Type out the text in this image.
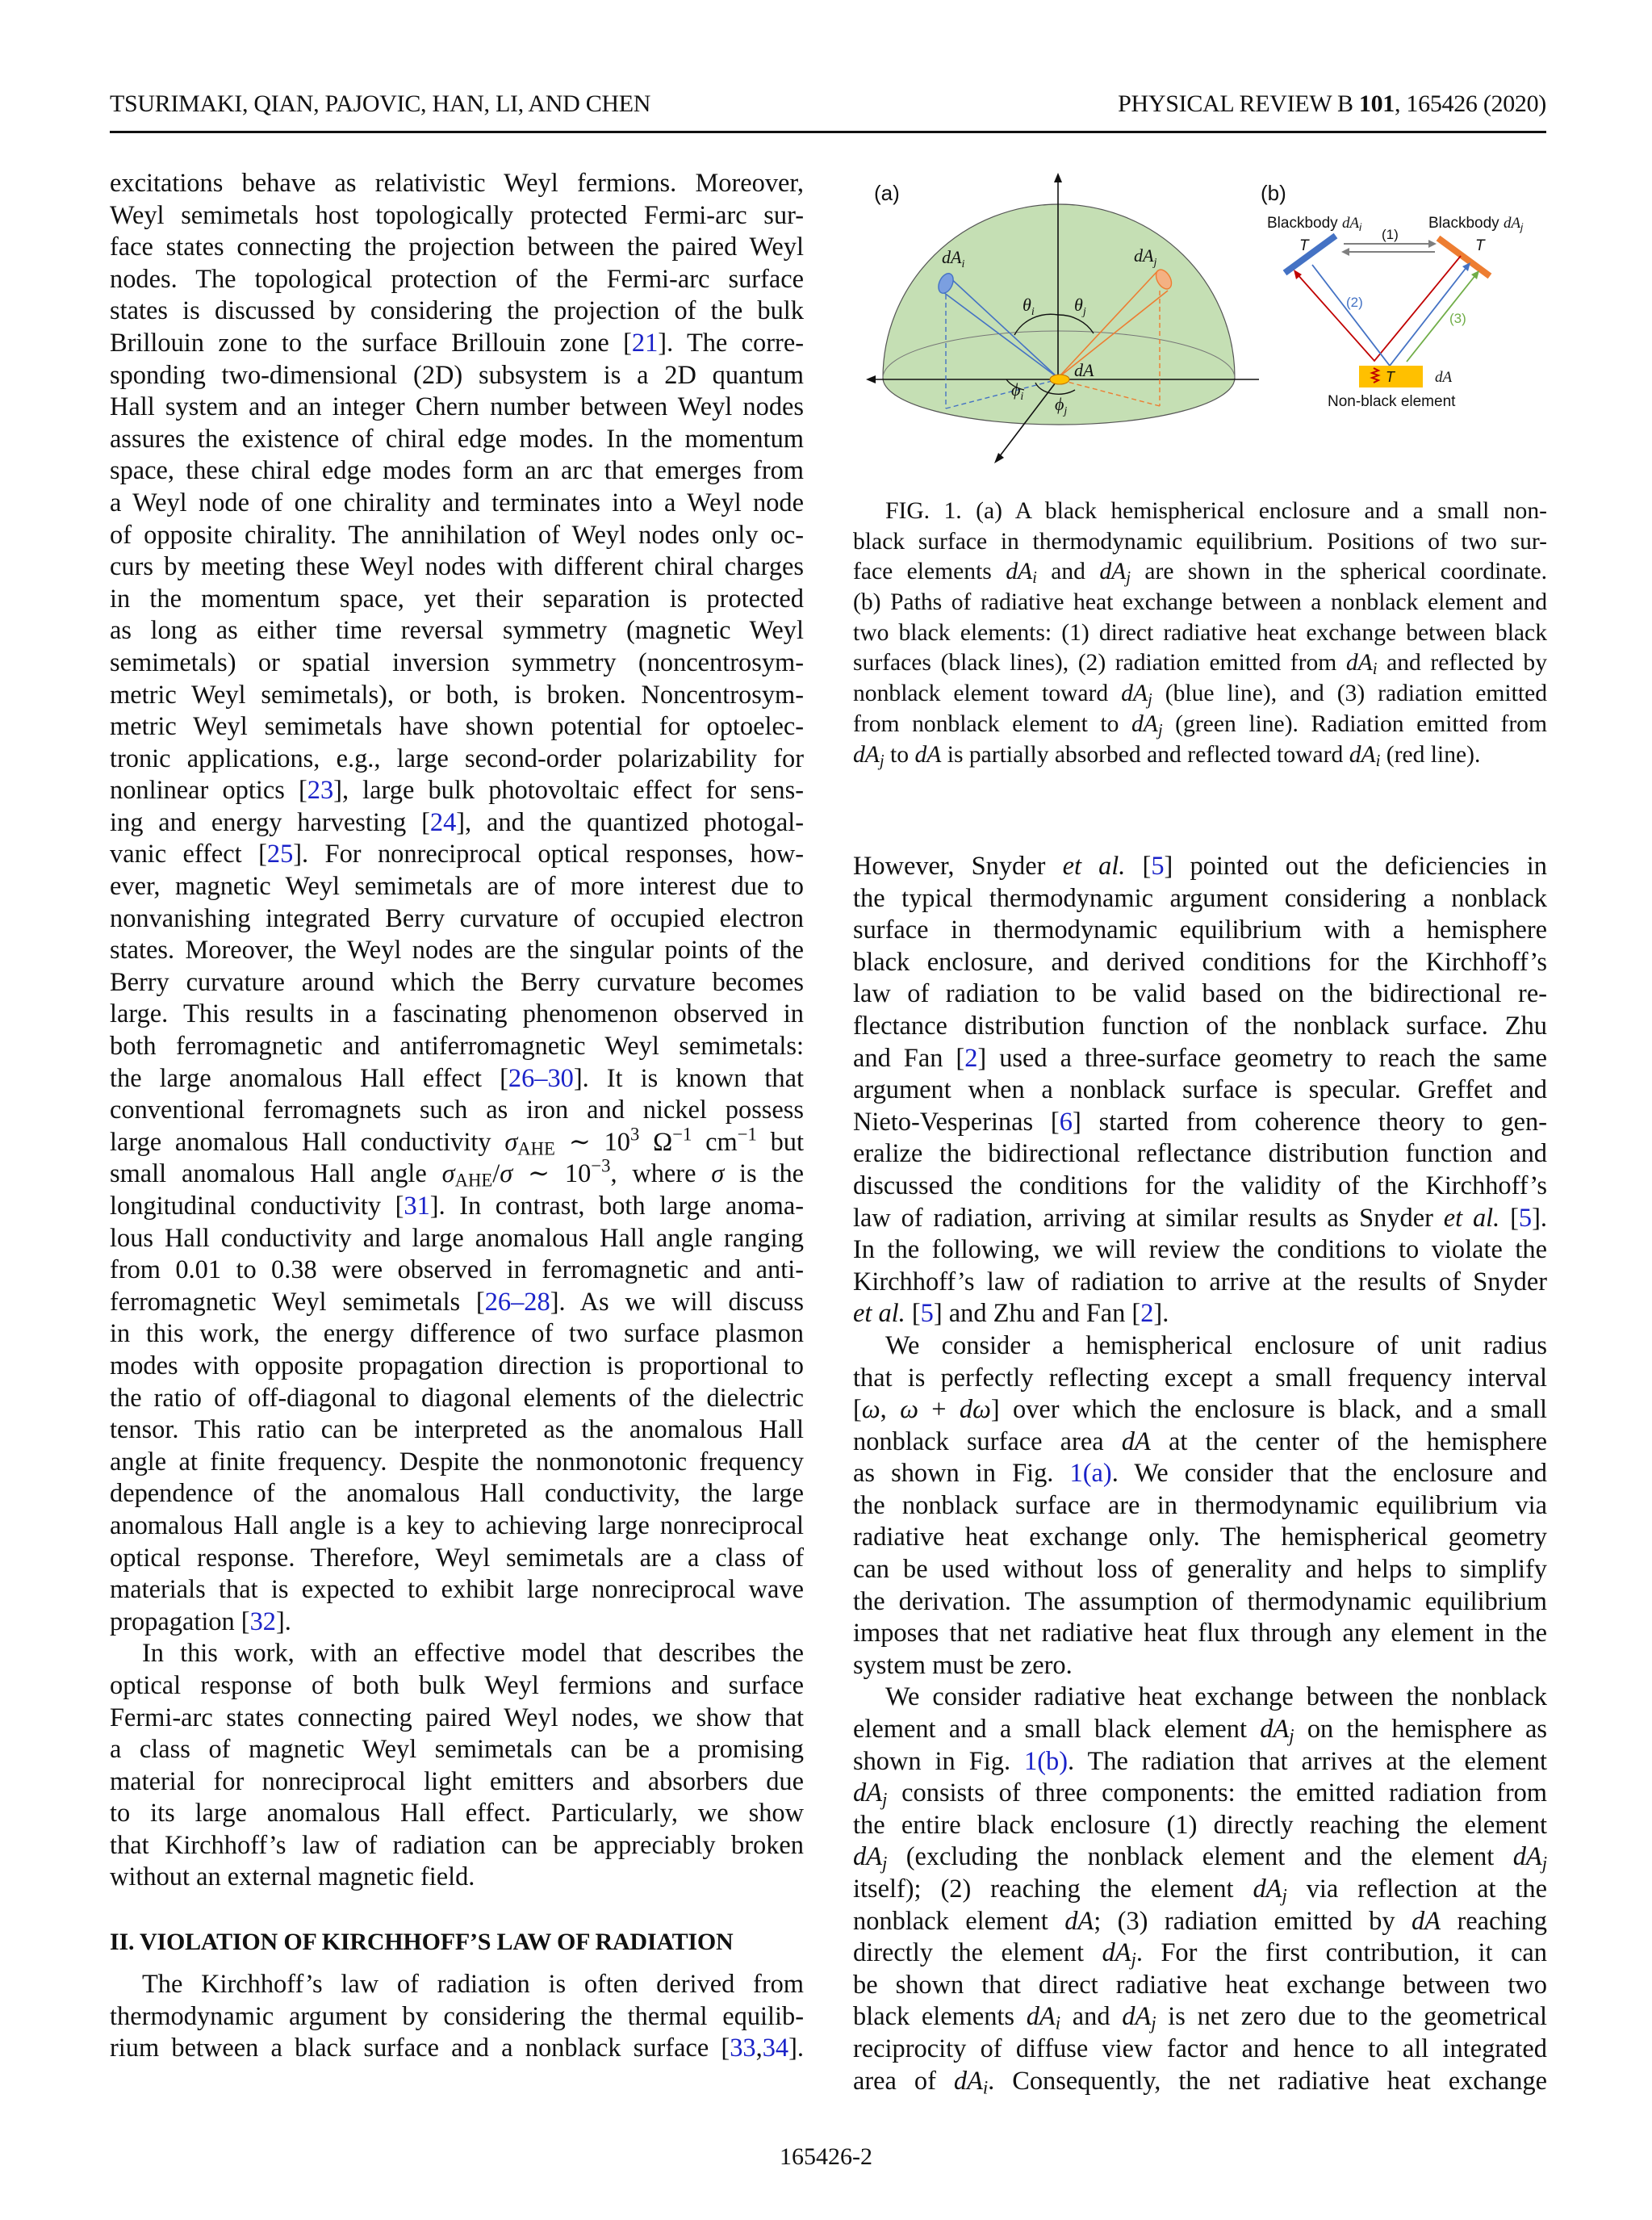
TSURIMAKI, QIAN, PAJOVIC, HAN, LI, AND CHEN	PHYSICAL REVIEW B 101, 165426 (2020)
excitations behave as relativistic Weyl fermions. Moreover,
Weyl semimetals host topologically protected Fermi-arc sur-
face states connecting the projection between the paired Weyl
nodes. The topological protection of the Fermi-arc surface
states is discussed by considering the projection of the bulk
Brillouin zone to the surface Brillouin zone [21]. The corre-
sponding two-dimensional (2D) subsystem is a 2D quantum
Hall system and an integer Chern number between Weyl nodes
assures the existence of chiral edge modes. In the momentum
space, these chiral edge modes form an arc that emerges from
a Weyl node of one chirality and terminates into a Weyl node
of opposite chirality. The annihilation of Weyl nodes only oc-
curs by meeting these Weyl nodes with different chiral charges
in the momentum space, yet their separation is protected
as long as either time reversal symmetry (magnetic Weyl
semimetals) or spatial inversion symmetry (noncentrosym-
metric Weyl semimetals), or both, is broken. Noncentrosym-
metric Weyl semimetals have shown potential for optoelec-
tronic applications, e.g., large second-order polarizability for
nonlinear optics [23], large bulk photovoltaic effect for sens-
ing and energy harvesting [24], and the quantized photogal-
vanic effect [25]. For nonreciprocal optical responses, how-
ever, magnetic Weyl semimetals are of more interest due to
nonvanishing integrated Berry curvature of occupied electron
states. Moreover, the Weyl nodes are the singular points of the
Berry curvature around which the Berry curvature becomes
large. This results in a fascinating phenomenon observed in
both ferromagnetic and antiferromagnetic Weyl semimetals:
the large anomalous Hall effect [26–30]. It is known that
conventional ferromagnets such as iron and nickel possess
large anomalous Hall conductivity $\sigma_{AHE}$ ∼ $10^3$ $\Omega^{-1}$ $cm^{-1}$ but
small anomalous Hall angle $\sigma_{AHE}/\sigma$ ∼ $10^{-3}$, where σ is the
longitudinal conductivity [31]. In contrast, both large anoma-
lous Hall conductivity and large anomalous Hall angle ranging
from 0.01 to 0.38 were observed in ferromagnetic and anti-
ferromagnetic Weyl semimetals [26–28]. As we will discuss
in this work, the energy difference of two surface plasmon
modes with opposite propagation direction is proportional to
the ratio of off-diagonal to diagonal elements of the dielectric
tensor. This ratio can be interpreted as the anomalous Hall
angle at finite frequency. Despite the nonmonotonic frequency
dependence of the anomalous Hall conductivity, the large
anomalous Hall angle is a key to achieving large nonreciprocal
optical response. Therefore, Weyl semimetals are a class of
materials that is expected to exhibit large nonreciprocal wave
propagation [32].
In this work, with an effective model that describes the
optical response of both bulk Weyl fermions and surface
Fermi-arc states connecting paired Weyl nodes, we show that
a class of magnetic Weyl semimetals can be a promising
material for nonreciprocal light emitters and absorbers due
to its large anomalous Hall effect. Particularly, we show
that Kirchhoff’s law of radiation can be appreciably broken
without an external magnetic field.
II. VIOLATION OF KIRCHHOFF’S LAW OF RADIATION
The Kirchhoff’s law of radiation is often derived from
thermodynamic argument by considering the thermal equilib-
rium between a black surface and a nonblack surface [33,34].
(a)
$dA_i$	$dA_j$
$\theta_i$ $\theta_j$
$\phi_i$ $\phi_j$
dA
(b)
Blackbody $dA_i$	Blackbody $dA_j$
T	T
(1)
(2)
(3)
T	dA
Non-black element
FIG. 1. (a) A black hemispherical enclosure and a small non-
black surface in thermodynamic equilibrium. Positions of two sur-
face elements $dA_i$ and $dA_j$ are shown in the spherical coordinate.
(b) Paths of radiative heat exchange between a nonblack element and
two black elements: (1) direct radiative heat exchange between black
surfaces (black lines), (2) radiation emitted from $dA_i$ and reflected by
nonblack element toward $dA_j$ (blue line), and (3) radiation emitted
from nonblack element to $dA_j$ (green line). Radiation emitted from
$dA_j$ to dA is partially absorbed and reflected toward $dA_i$ (red line).
However, Snyder et al. [5] pointed out the deficiencies in
the typical thermodynamic argument considering a nonblack
surface in thermodynamic equilibrium with a hemisphere
black enclosure, and derived conditions for the Kirchhoff’s
law of radiation to be valid based on the bidirectional re-
flectance distribution function of the nonblack surface. Zhu
and Fan [2] used a three-surface geometry to reach the same
argument when a nonblack surface is specular. Greffet and
Nieto-Vesperinas [6] started from coherence theory to gen-
eralize the bidirectional reflectance distribution function and
discussed the conditions for the validity of the Kirchhoff’s
law of radiation, arriving at similar results as Snyder et al. [5].
In the following, we will review the conditions to violate the
Kirchhoff’s law of radiation to arrive at the results of Snyder
et al. [5] and Zhu and Fan [2].
We consider a hemispherical enclosure of unit radius
that is perfectly reflecting except a small frequency interval
[ω, ω + dω] over which the enclosure is black, and a small
nonblack surface area dA at the center of the hemisphere
as shown in Fig. 1(a). We consider that the enclosure and
the nonblack surface are in thermodynamic equilibrium via
radiative heat exchange only. The hemispherical geometry
can be used without loss of generality and helps to simplify
the derivation. The assumption of thermodynamic equilibrium
imposes that net radiative heat flux through any element in the
system must be zero.
We consider radiative heat exchange between the nonblack
element and a small black element $dA_j$ on the hemisphere as
shown in Fig. 1(b). The radiation that arrives at the element
$dA_j$ consists of three components: the emitted radiation from
the entire black enclosure (1) directly reaching the element
$dA_j$ (excluding the nonblack element and the element $dA_j$
itself); (2) reaching the element $dA_j$ via reflection at the
nonblack element dA; (3) radiation emitted by dA reaching
directly the element $dA_j$. For the first contribution, it can
be shown that direct radiative heat exchange between two
black elements $dA_i$ and $dA_j$ is net zero due to the geometrical
reciprocity of diffuse view factor and hence to all integrated
area of $dA_i$. Consequently, the net radiative heat exchange
165426-2
